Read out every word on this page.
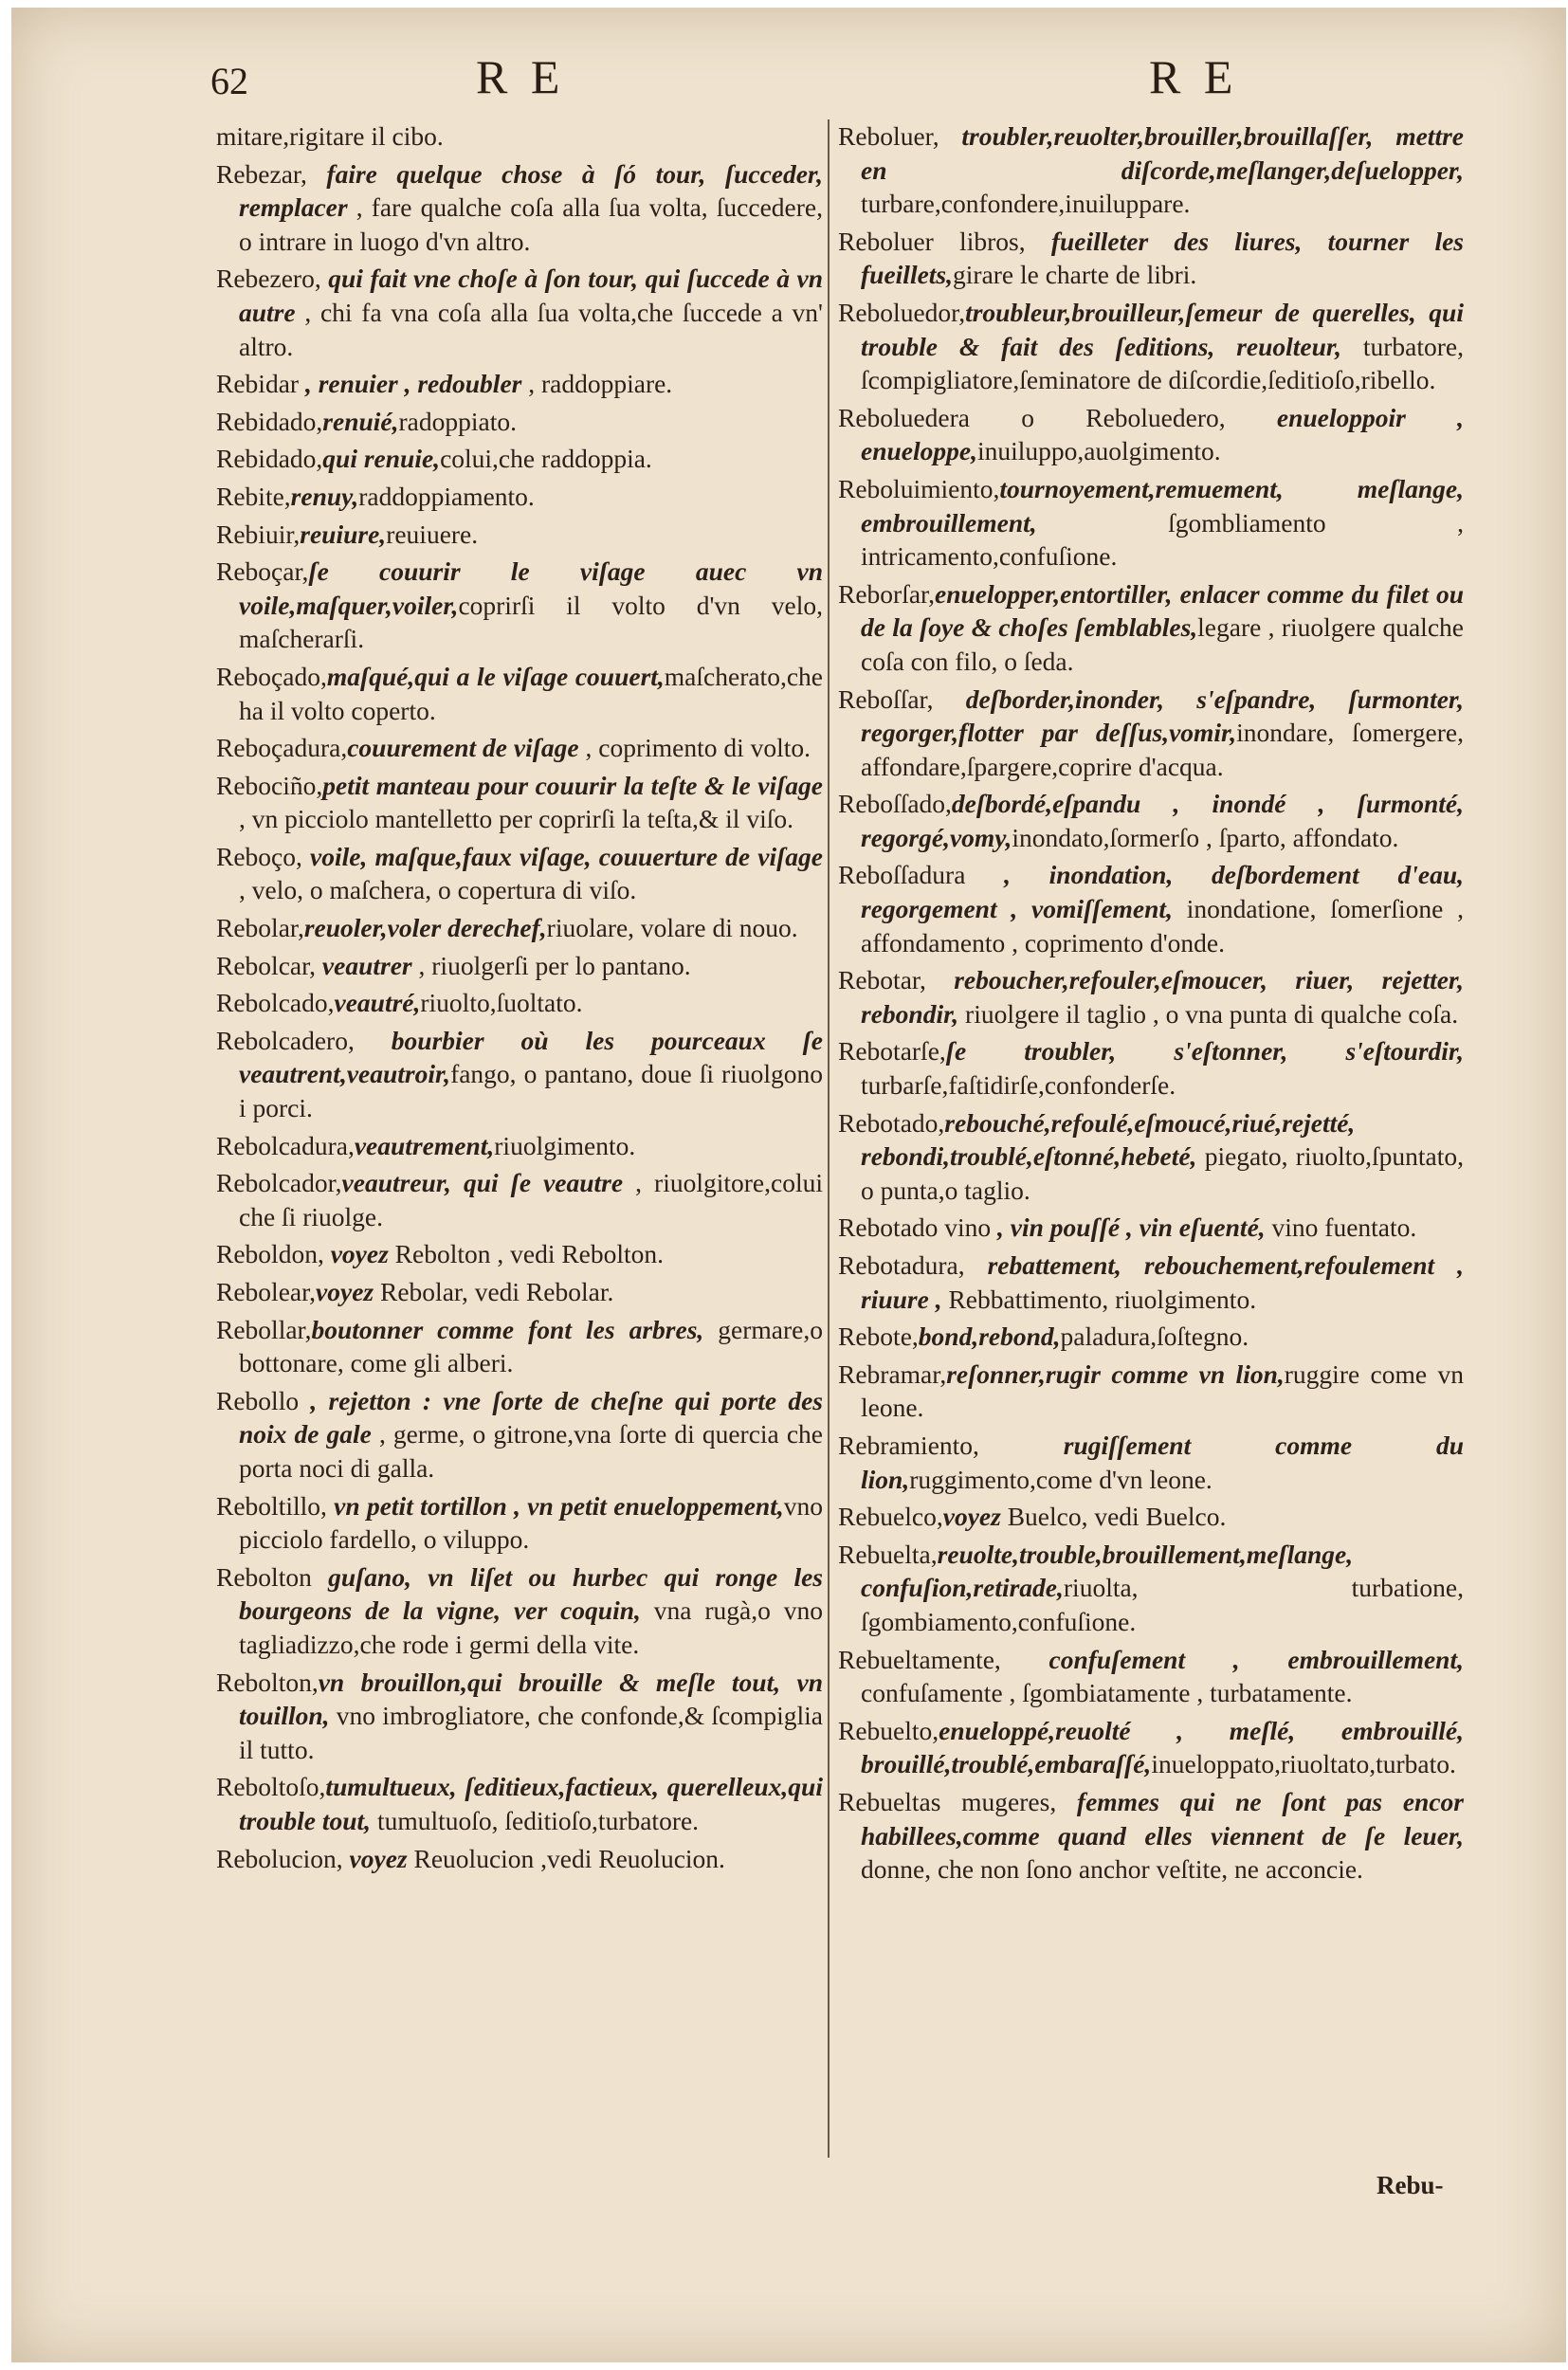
62	R E	R E

mitare,rigitare il cibo.

Rebezar, faire quelque chose à ſó tour, ſucceder, remplacer , fare qualche coſa alla ſua volta, ſuccedere, o intrare in luogo d'vn altro.

Rebezero, qui fait vne choſe à ſon tour, qui ſuccede à vn autre , chi fa vna coſa alla ſua volta,che ſuccede a vn' altro.

Rebidar , renuier , redoubler , raddoppiare.

Rebidado,renuié,radoppiato.

Rebidado,qui renuie,colui,che raddoppia.

Rebite,renuy,raddoppiamento.

Rebiuir,reuiure,reuiuere.

Reboçar,ſe couurir le viſage auec vn voile,maſquer,voiler,coprirſi il volto d'vn velo, maſcherarſi.

Reboçado,maſqué,qui a le viſage couuert,maſcherato,che ha il volto coperto.

Reboçadura,couurement de viſage , coprimento di volto.

Rebociño,petit manteau pour couurir la teſte & le viſage , vn picciolo mantelletto per coprirſi la teſta,& il viſo.

Reboço, voile, maſque,faux viſage, couuerture de viſage , velo, o maſchera, o copertura di viſo.

Rebolar,reuoler,voler derechef,riuolare, volare di nouo.

Rebolcar, veautrer , riuolgerſi per lo pantano.

Rebolcado,veautré,riuolto,ſuoltato.

Rebolcadero, bourbier où les pourceaux ſe veautrent,veautroir,fango, o pantano, doue ſi riuolgono i porci.

Rebolcadura,veautrement,riuolgimento.

Rebolcador,veautreur, qui ſe veautre , riuolgitore,colui che ſi riuolge.

Reboldon, voyez Rebolton , vedi Rebolton.

Rebolear,voyez Rebolar, vedi Rebolar.

Rebollar,boutonner comme font les arbres, germare,o bottonare, come gli alberi.

Rebollo , rejetton : vne ſorte de cheſne qui porte des noix de gale , germe, o gitrone,vna ſorte di quercia che porta noci di galla.

Reboltillo, vn petit tortillon , vn petit enueloppement,vno picciolo fardello, o viluppo.

Rebolton guſano, vn liſet ou hurbec qui ronge les bourgeons de la vigne, ver coquin, vna rugà,o vno tagliadizzo,che rode i germi della vite.

Rebolton,vn brouillon,qui brouille & meſle tout, vn touillon, vno imbrogliatore, che confonde,& ſcompiglia il tutto.

Reboltoſo,tumultueux, ſeditieux,factieux, querelleux,qui trouble tout, tumultuoſo, ſeditioſo,turbatore.

Rebolucion, voyez Reuolucion ,vedi Reuolucion.

Reboluer, troubler,reuolter,brouiller,brouillaſſer, mettre en diſcorde,meſlanger,deſuelopper, turbare,confondere,inuiluppare.

Reboluer libros, fueilleter des liures, tourner les fueillets,girare le charte de libri.

Reboluedor,troubleur,brouilleur,ſemeur de querelles, qui trouble & fait des ſeditions, reuolteur, turbatore, ſcompigliatore,ſeminatore de diſcordie,ſeditioſo,ribello.

Reboluedera o Reboluedero, enueloppoir , enueloppe,inuiluppo,auolgimento.

Reboluimiento,tournoyement,remuement, meſlange, embrouillement, ſgombliamento , intricamento,confuſione.

Reborſar,enuelopper,entortiller, enlacer comme du filet ou de la ſoye & choſes ſemblables,legare , riuolgere qualche coſa con filo, o ſeda.

Reboſſar, deſborder,inonder, s'eſpandre, ſurmonter, regorger,flotter par deſſus,vomir,inondare, ſomergere, affondare,ſpargere,coprire d'acqua.

Reboſſado,deſbordé,eſpandu , inondé , ſurmonté, regorgé,vomy,inondato,ſormerſo , ſparto, affondato.

Reboſſadura , inondation, deſbordement d'eau, regorgement , vomiſſement, inondatione, ſomerſione , affondamento , coprimento d'onde.

Rebotar, reboucher,refouler,eſmoucer, riuer, rejetter, rebondir, riuolgere il taglio , o vna punta di qualche coſa.

Rebotarſe,ſe troubler, s'eſtonner, s'eſtourdir, turbarſe,faſtidirſe,confonderſe.

Rebotado,rebouché,refoulé,eſmoucé,riué,rejetté, rebondi,troublé,eſtonné,hebeté, piegato, riuolto,ſpuntato, o punta,o taglio.

Rebotado vino , vin pouſſé , vin eſuenté, vino fuentato.

Rebotadura, rebattement, rebouchement,refoulement , riuure , Rebbattimento, riuolgimento.

Rebote,bond,rebond,paladura,ſoſtegno.

Rebramar,reſonner,rugir comme vn lion,ruggire come vn leone.

Rebramiento, rugiſſement comme du lion,ruggimento,come d'vn leone.

Rebuelco,voyez Buelco, vedi Buelco.

Rebuelta,reuolte,trouble,brouillement,meſlange, confuſion,retirade,riuolta, turbatione, ſgombiamento,confuſione.

Rebueltamente, confuſement , embrouillement, confuſamente , ſgombiatamente , turbatamente.

Rebuelto,enueloppé,reuolté , meſlé, embrouillé, brouillé,troublé,embaraſſé,inueloppato,riuoltato,turbato.

Rebueltas mugeres, femmes qui ne ſont pas encor habillees,comme quand elles viennent de ſe leuer, donne, che non ſono anchor veſtite, ne acconcie.

Rebu-
